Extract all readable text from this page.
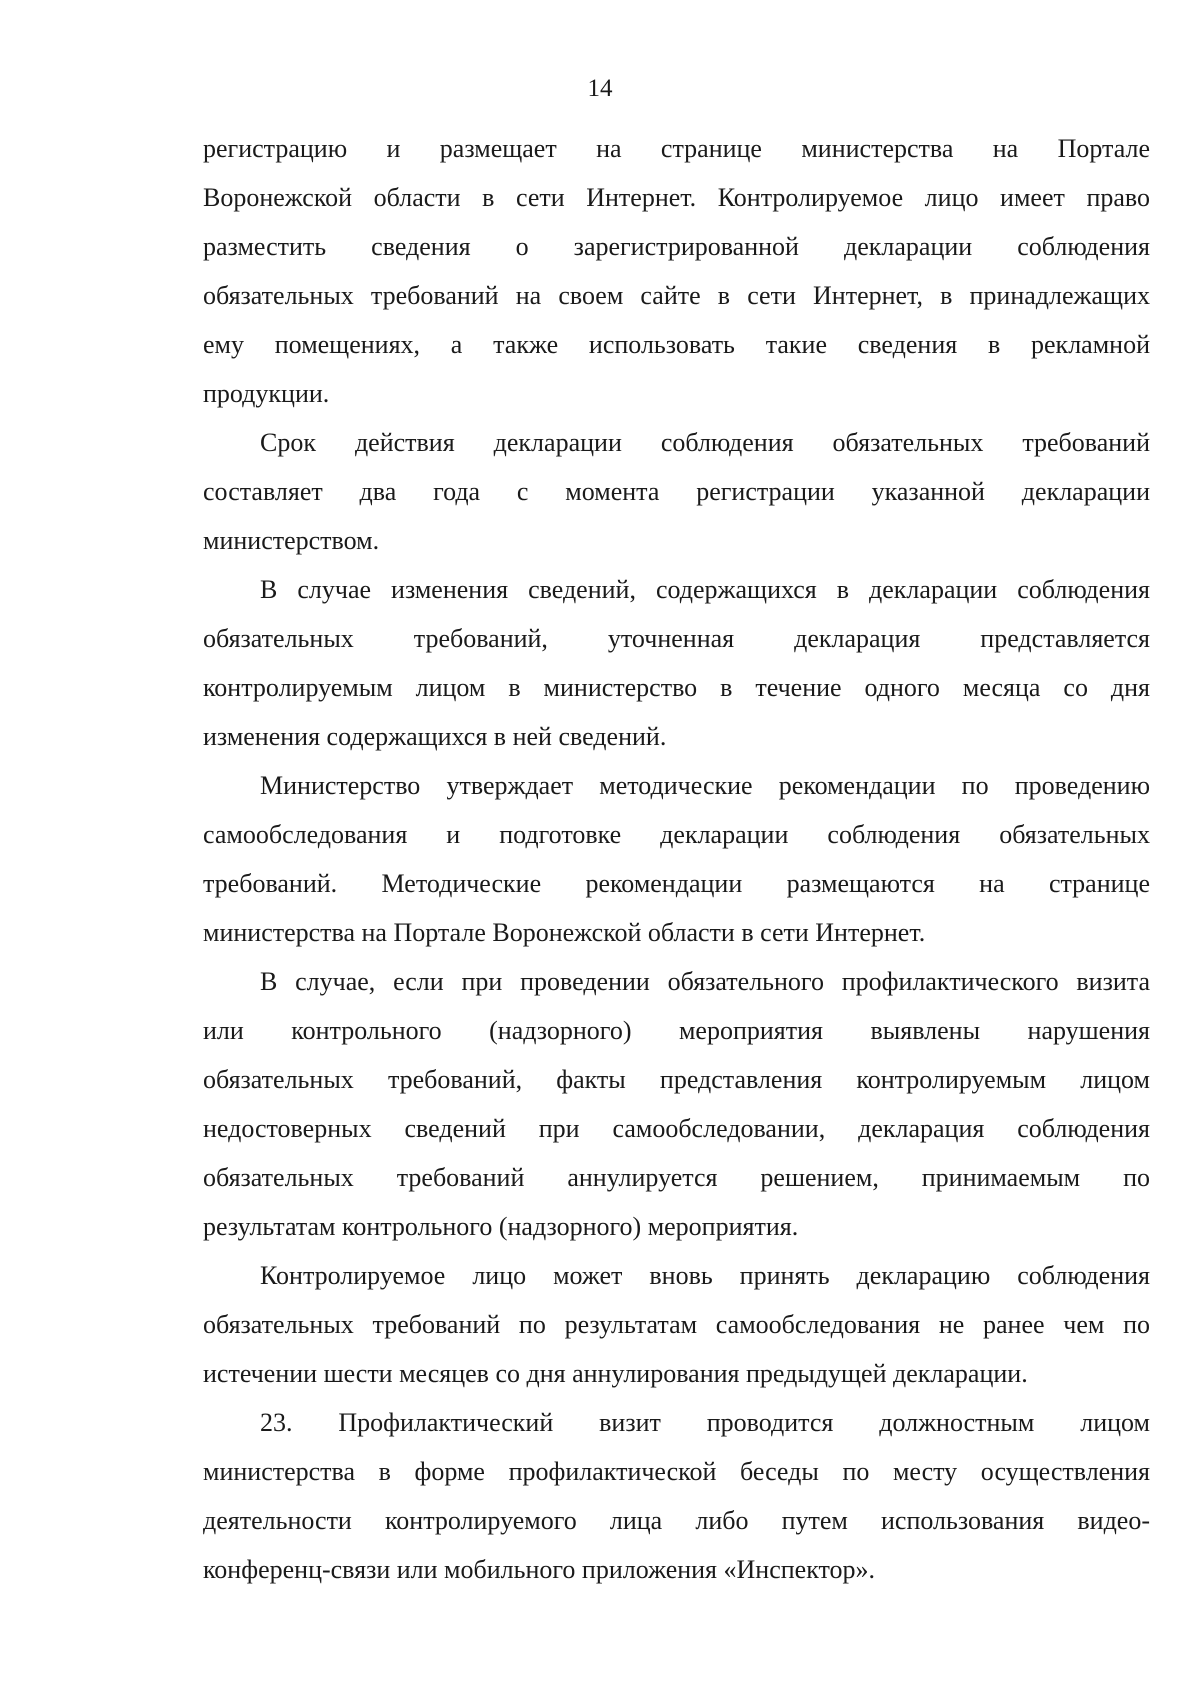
14
регистрацию и размещает на странице министерства на Портале
Воронежской области в сети Интернет. Контролируемое лицо имеет право
разместить сведения о зарегистрированной декларации соблюдения
обязательных требований на своем сайте в сети Интернет, в принадлежащих
ему помещениях, а также использовать такие сведения в рекламной
продукции.
Срок действия декларации соблюдения обязательных требований
составляет два года с момента регистрации указанной декларации
министерством.
В случае изменения сведений, содержащихся в декларации соблюдения
обязательных требований, уточненная декларация представляется
контролируемым лицом в министерство в течение одного месяца со дня
изменения содержащихся в ней сведений.
Министерство утверждает методические рекомендации по проведению
самообследования и подготовке декларации соблюдения обязательных
требований. Методические рекомендации размещаются на странице
министерства на Портале Воронежской области в сети Интернет.
В случае, если при проведении обязательного профилактического визита
или контрольного (надзорного) мероприятия выявлены нарушения
обязательных требований, факты представления контролируемым лицом
недостоверных сведений при самообследовании, декларация соблюдения
обязательных требований аннулируется решением, принимаемым по
результатам контрольного (надзорного) мероприятия.
Контролируемое лицо может вновь принять декларацию соблюдения
обязательных требований по результатам самообследования не ранее чем по
истечении шести месяцев со дня аннулирования предыдущей декларации.
23. Профилактический визит проводится должностным лицом
министерства в форме профилактической беседы по месту осуществления
деятельности контролируемого лица либо путем использования видео-
конференц-связи или мобильного приложения «Инспектор».
